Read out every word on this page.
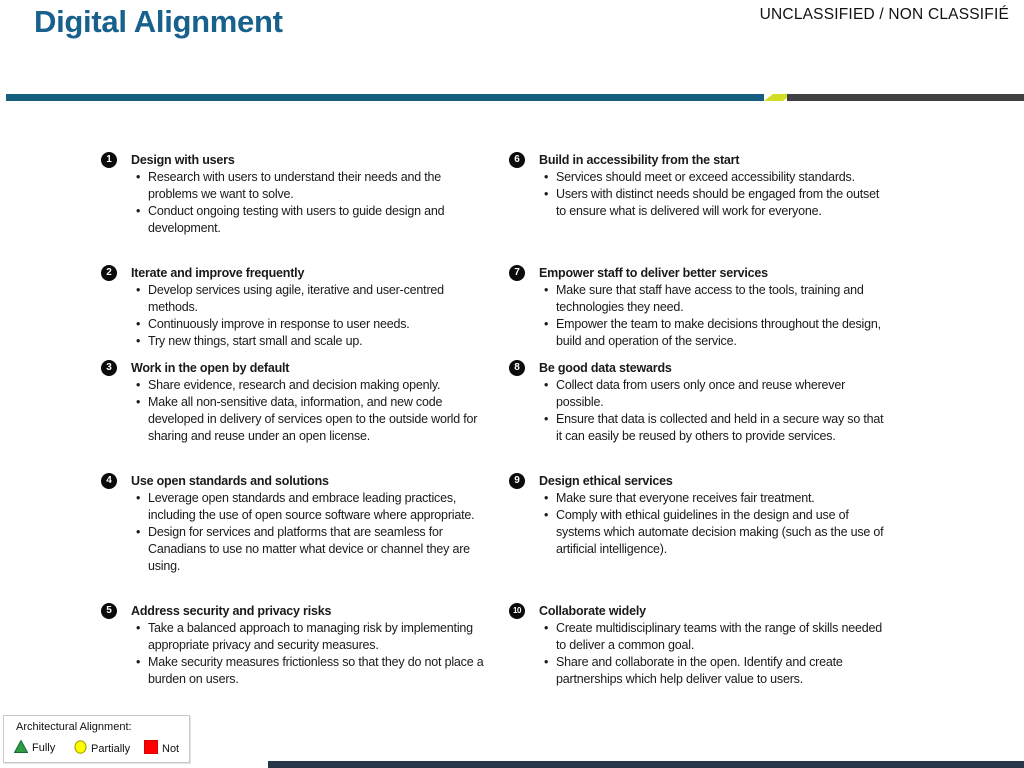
Digital Alignment	UNCLASSIFIED / NON CLASSIFIÉ
1	Design with users
•
Research with users to understand their needs and the problems we want to solve.
•
Conduct ongoing testing with users to guide design and development.
2	Iterate and improve frequently
•
Develop services using agile, iterative and user-centred methods.
•
Continuously improve in response to user needs.
•
Try new things, start small and scale up.
3	Work in the open by default
•
Share evidence, research and decision making openly.
•
Make all non-sensitive data, information, and new code developed in delivery of services open to the outside world for sharing and reuse under an open license.
4	Use open standards and solutions
•
Leverage open standards and embrace leading practices, including the use of open source software where appropriate.
•
Design for services and platforms that are seamless for Canadians to use no matter what device or channel they are using.
5	Address security and privacy risks
•
Take a balanced approach to managing risk by implementing appropriate privacy and security measures.
•
Make security measures frictionless so that they do not place a burden on users.
6	Build in accessibility from the start
•
Services should meet or exceed accessibility standards.
•
Users with distinct needs should be engaged from the outset to ensure what is delivered will work for everyone.
7	Empower staff to deliver better services
•
Make sure that staff have access to the tools, training and technologies they need.
•
Empower the team to make decisions throughout the design, build and operation of the service.
8	Be good data stewards
•
Collect data from users only once and reuse wherever possible.
•
Ensure that data is collected and held in a secure way so that it can easily be reused by others to provide services.
9	Design ethical services
•
Make sure that everyone receives fair treatment.
•
Comply with ethical guidelines in the design and use of systems which automate decision making (such as the use of artificial intelligence).
10	Collaborate widely
•
Create multidisciplinary teams with the range of skills needed to deliver a common goal.
•
Share and collaborate in the open. Identify and create partnerships which help deliver value to users.
Architectural Alignment:
Fully	Partially	Not
